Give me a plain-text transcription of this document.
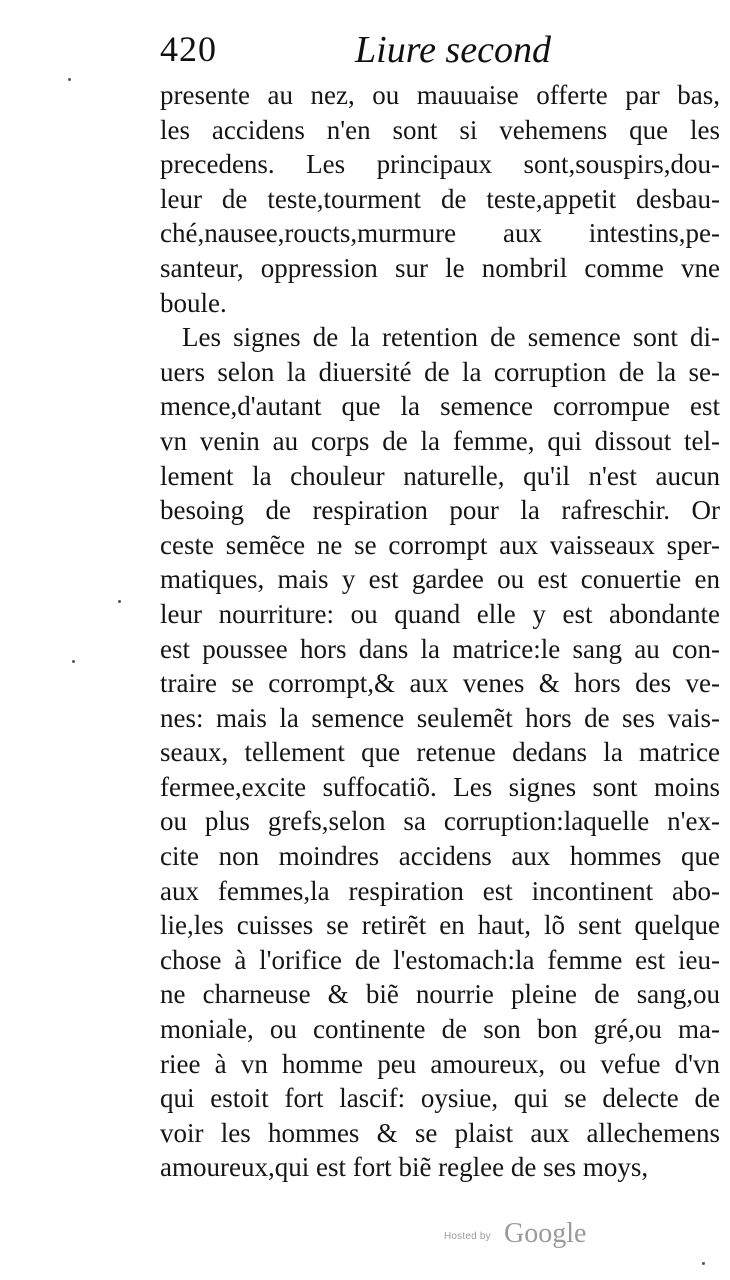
420	Liure second
presente au nez, ou mauuaise offerte par bas,
les accidens n'en sont si vehemens que les
precedens. Les principaux sont,souspirs,dou-
leur de teste,tourment de teste,appetit desbau-
ché,nausee,rouсts,murmure aux intestins,pe-
santeur, oppression sur le nombril comme vne
boule.
Les signes de la retention de semence sont di-
uers selon la diuersité de la corruption de la se-
mence,d'autant que la semence corrompue est
vn venin au corps de la femme, qui dissout tel-
lement la chouleur naturelle, qu'il n'est aucun
besoing de respiration pour la rafreschir. Or
ceste semẽce ne se corrompt aux vaisseaux sper-
matiques, mais y est gardee ou est conuertie en
leur nourriture: ou quand elle y est abondante
est poussee hors dans la matrice:le sang au con-
traire se corrompt,& aux venes & hors des ve-
nes: mais la semence seulemẽt hors de ses vais-
seaux, tellement que retenue dedans la matrice
fermee,excite suffocatiõ. Les signes sont moins
ou plus grefs,selon sa corruption:laquelle n'ex-
cite non moindres accidens aux hommes que
aux femmes,la respiration est incontinent abo-
lie,les cuisses se retirẽt en haut, lõ sent quelque
chose à l'orifice de l'estomach:la femme est ieu-
ne charneuse & biẽ nourrie pleine de sang,ou
moniale, ou continente de son bon gré,ou ma-
riee à vn homme peu amoureux, ou vefue d'vn
qui estoit fort lascif: oysiue, qui se delecte de
voir les hommes & se plaist aux allechemens
amoureux,qui est fort biẽ reglee de ses moys,
Hosted by Google
